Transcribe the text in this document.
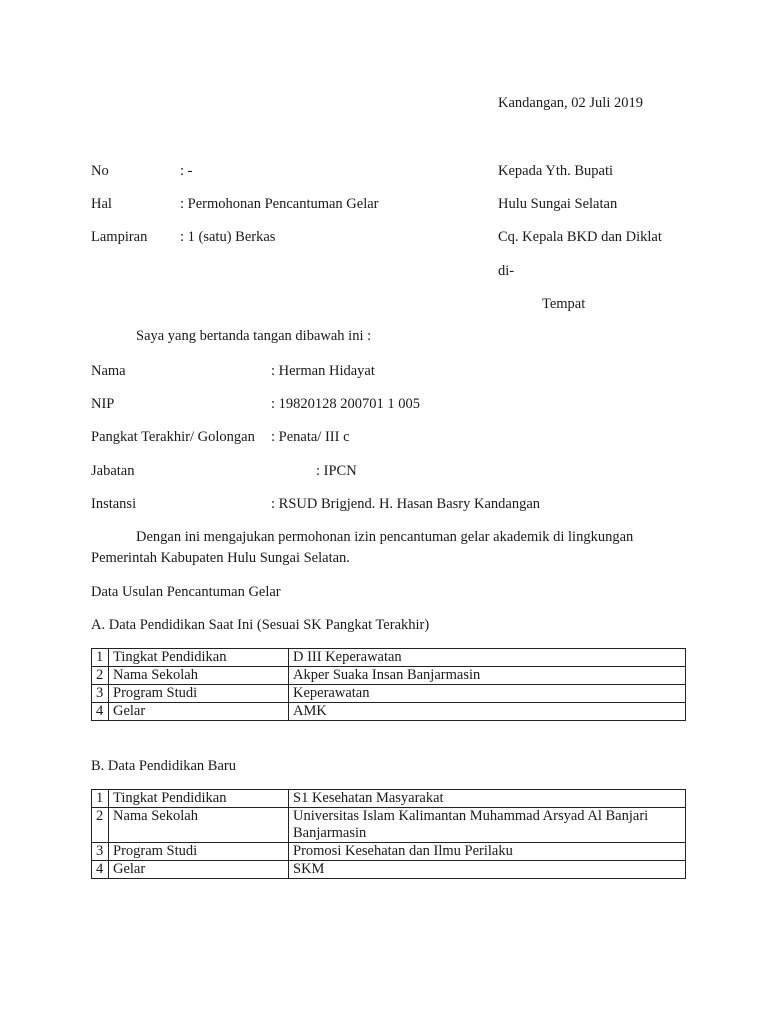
Kandangan, 02 Juli 2019
No	: -
Hal	: Permohonan Pencantuman Gelar
Lampiran : 1 (satu) Berkas
Kepada Yth. Bupati
Hulu Sungai Selatan
Cq. Kepala BKD dan Diklat
di-
Tempat
Saya yang bertanda tangan dibawah ini :
Nama	: Herman Hidayat
NIP	: 19820128 200701 1 005
Pangkat Terakhir/ Golongan : Penata/ III c
Jabatan	: IPCN
Instansi	: RSUD Brigjend. H. Hasan Basry Kandangan
Dengan ini mengajukan permohonan izin pencantuman gelar akademik di lingkungan
Pemerintah Kabupaten Hulu Sungai Selatan.
Data Usulan Pencantuman Gelar
A. Data Pendidikan Saat Ini (Sesuai SK Pangkat Terakhir)
1	Tingkat Pendidikan	D III Keperawatan
2	Nama Sekolah	Akper Suaka Insan Banjarmasin
3	Program Studi	Keperawatan
4	Gelar	AMK
B. Data Pendidikan Baru
1	Tingkat Pendidikan	S1 Kesehatan Masyarakat
2	Nama Sekolah	Universitas Islam Kalimantan Muhammad Arsyad Al Banjari Banjarmasin
3	Program Studi	Promosi Kesehatan dan Ilmu Perilaku
4	Gelar	SKM
